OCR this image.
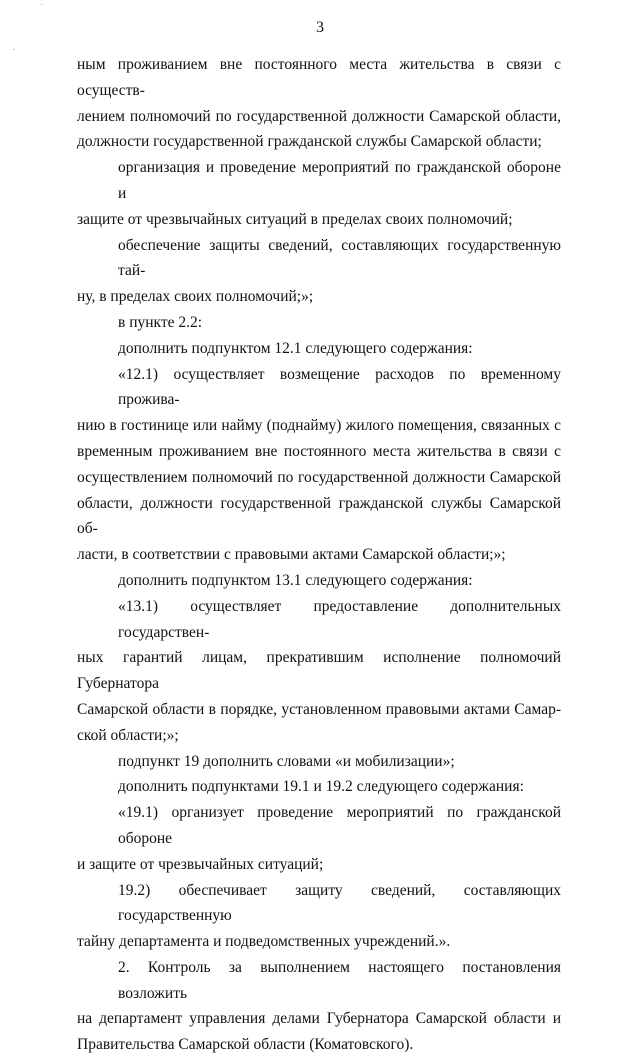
˙
·
3

ным проживанием вне постоянного места жительства в связи с осуществ-
лением полномочий по государственной должности Самарской области,
должности государственной гражданской службы Самарской области;

организация и проведение мероприятий по гражданской обороне и
защите от чрезвычайных ситуаций в пределах своих полномочий;

обеспечение защиты сведений, составляющих государственную тай-
ну, в пределах своих полномочий;»;

в пункте 2.2:

дополнить подпунктом 12.1 следующего содержания:

«12.1) осуществляет возмещение расходов по временному прожива-
нию в гостинице или найму (поднайму) жилого помещения, связанных с
временным проживанием вне постоянного места жительства в связи с
осуществлением полномочий по государственной должности Самарской
области, должности государственной гражданской службы Самарской об-
ласти, в соответствии с правовыми актами Самарской области;»;

дополнить подпунктом 13.1 следующего содержания:

«13.1) осуществляет предоставление дополнительных государствен-
ных гарантий лицам, прекратившим исполнение полномочий Губернатора
Самарской области в порядке, установленном правовыми актами Самар-
ской области;»;

подпункт 19 дополнить словами «и мобилизации»;

дополнить подпунктами 19.1 и 19.2 следующего содержания:

«19.1) организует проведение мероприятий по гражданской обороне
и защите от чрезвычайных ситуаций;

19.2) обеспечивает защиту сведений, составляющих государственную
тайну департамента и подведомственных учреждений.».

2. Контроль за выполнением настоящего постановления возложить
на департамент управления делами Губернатора Самарской области и
Правительства Самарской области (Коматовского).
